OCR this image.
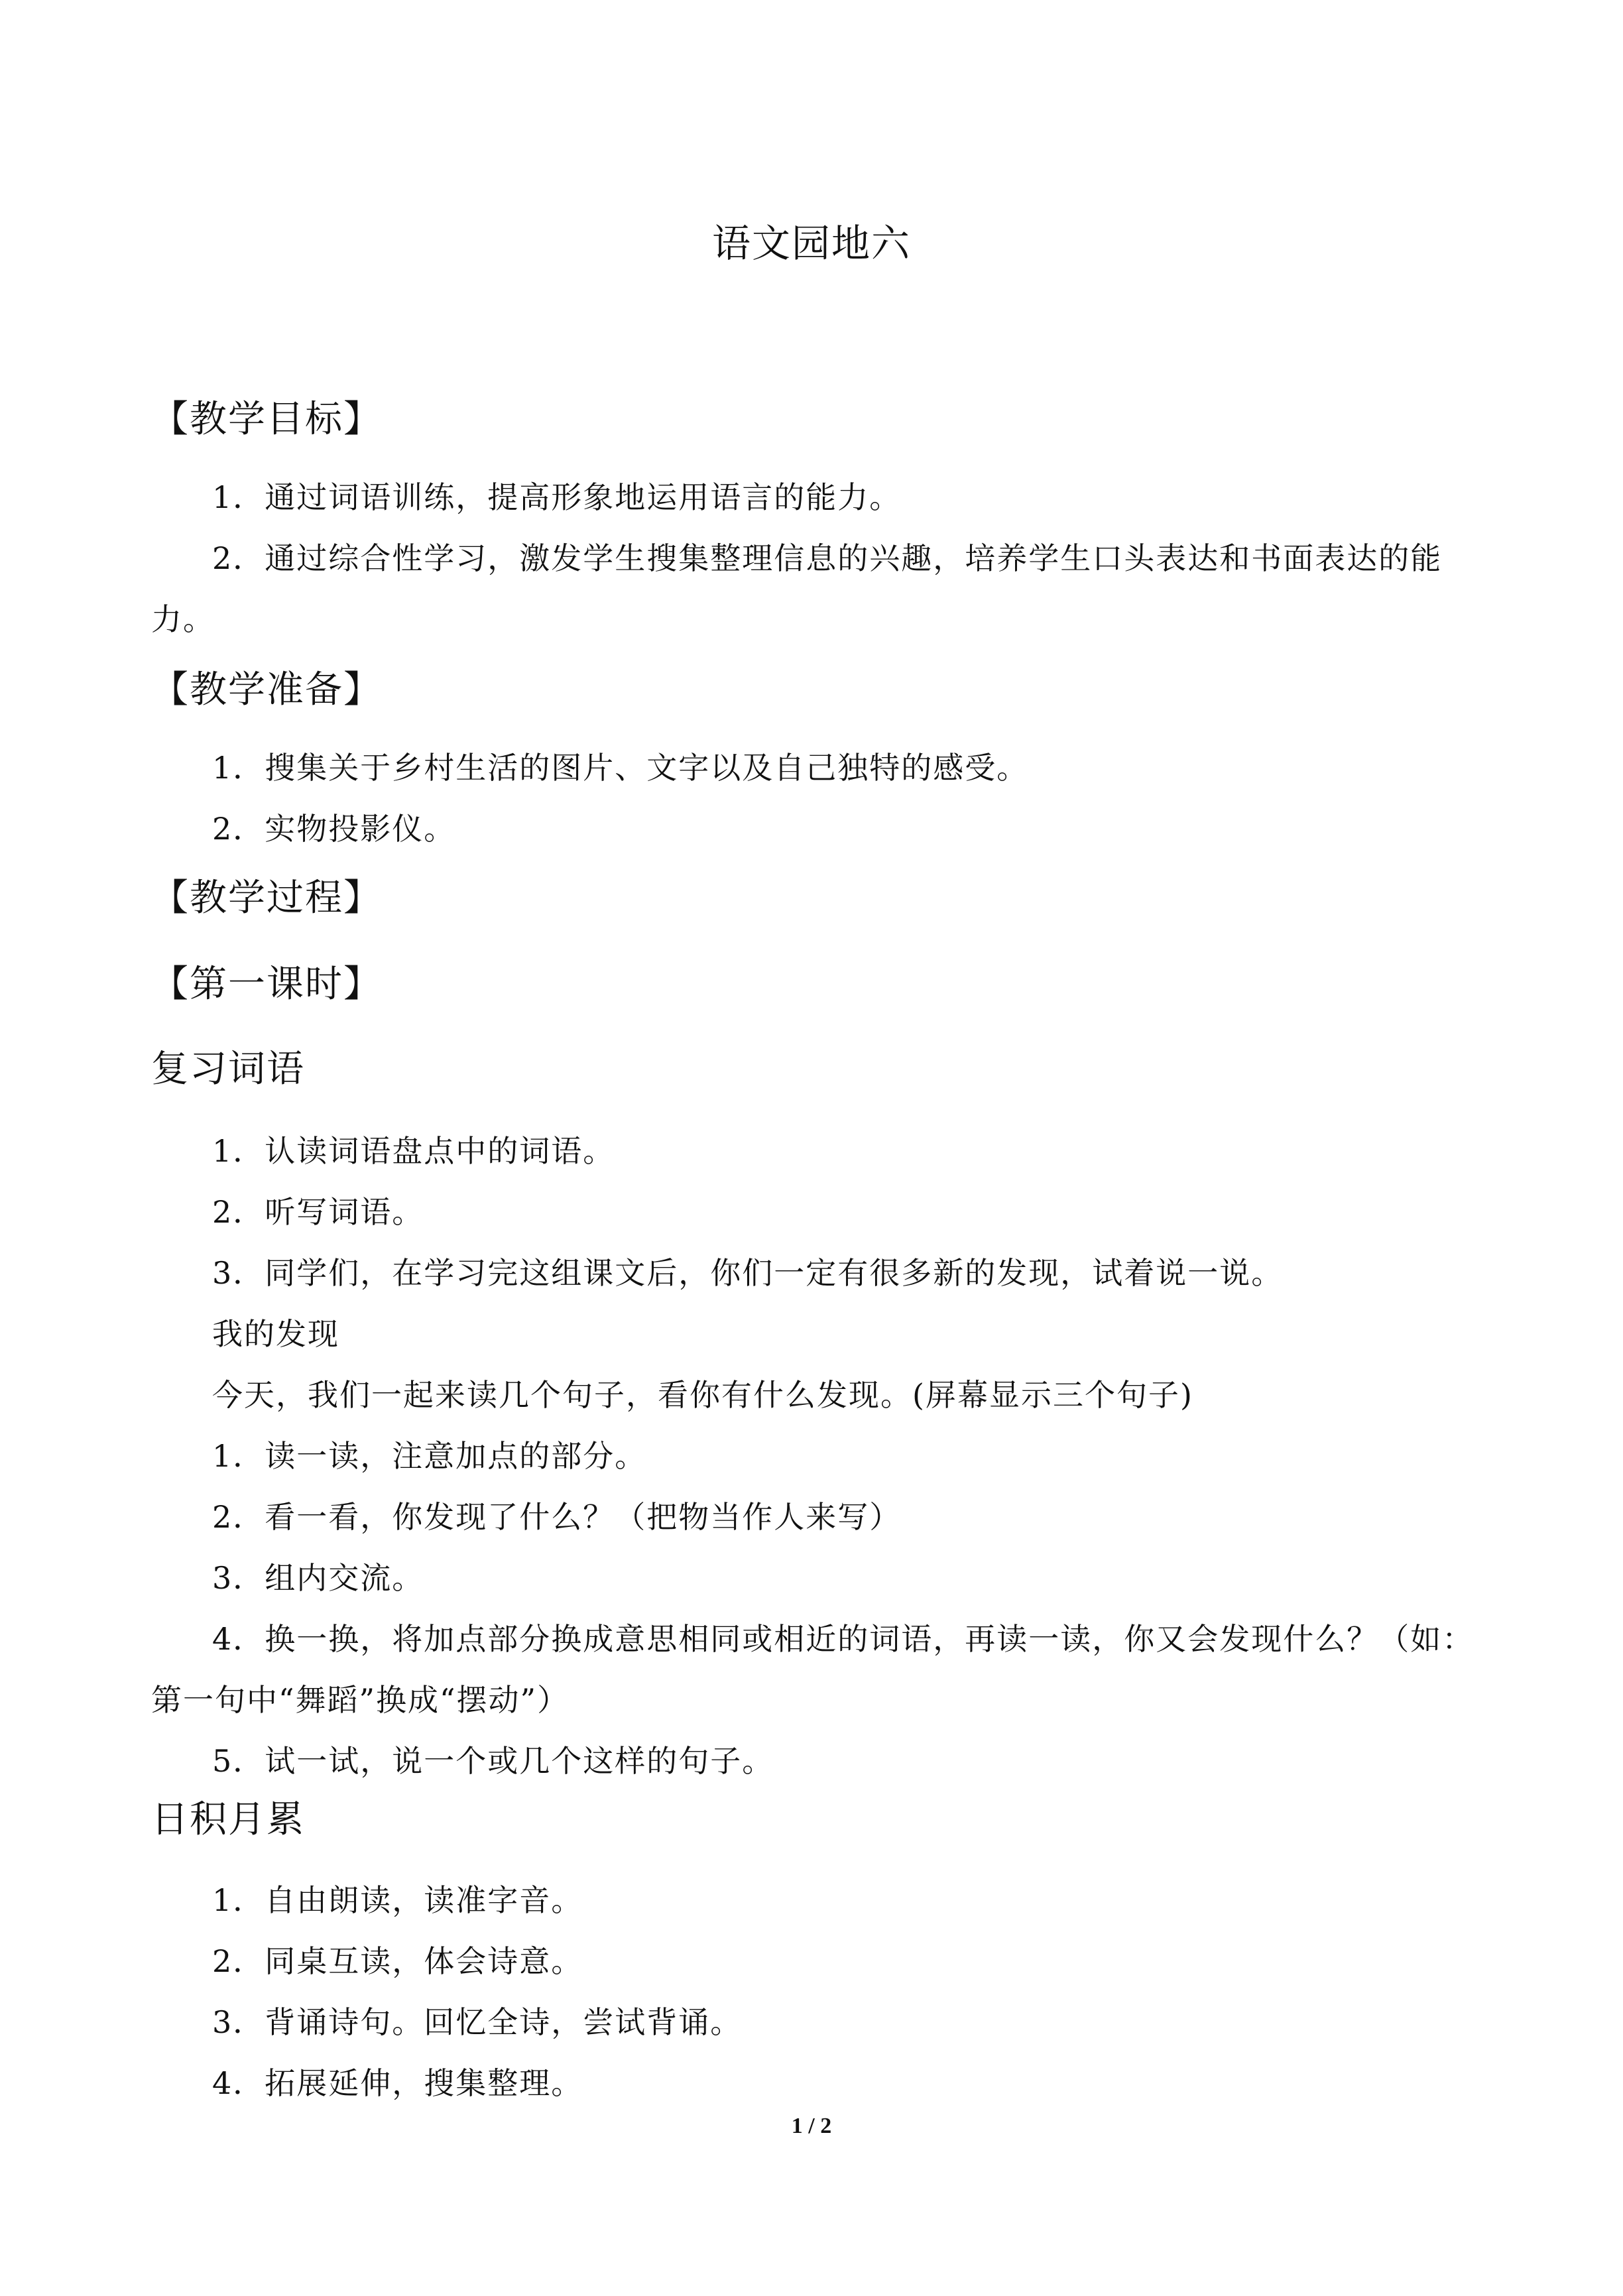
语文园地六
【教学目标】
1．通过词语训练，提高形象地运用语言的能力。
2．通过综合性学习，激发学生搜集整理信息的兴趣，培养学生口头表达和书面表达的能
力。
【教学准备】
1．搜集关于乡村生活的图片、文字以及自己独特的感受。
2．实物投影仪。
【教学过程】
【第一课时】
复习词语
1．认读词语盘点中的词语。
2．听写词语。
3．同学们，在学习完这组课文后，你们一定有很多新的发现，试着说一说。
我的发现
今天，我们一起来读几个句子，看你有什么发现。(屏幕显示三个句子)
1．读一读，注意加点的部分。
2．看一看，你发现了什么？（把物当作人来写）
3．组内交流。
4．换一换，将加点部分换成意思相同或相近的词语，再读一读，你又会发现什么？（如：
第一句中“舞蹈”换成“摆动”）
5．试一试，说一个或几个这样的句子。
日积月累
1．自由朗读，读准字音。
2．同桌互读，体会诗意。
3．背诵诗句。回忆全诗，尝试背诵。
4．拓展延伸，搜集整理。
1 / 2
